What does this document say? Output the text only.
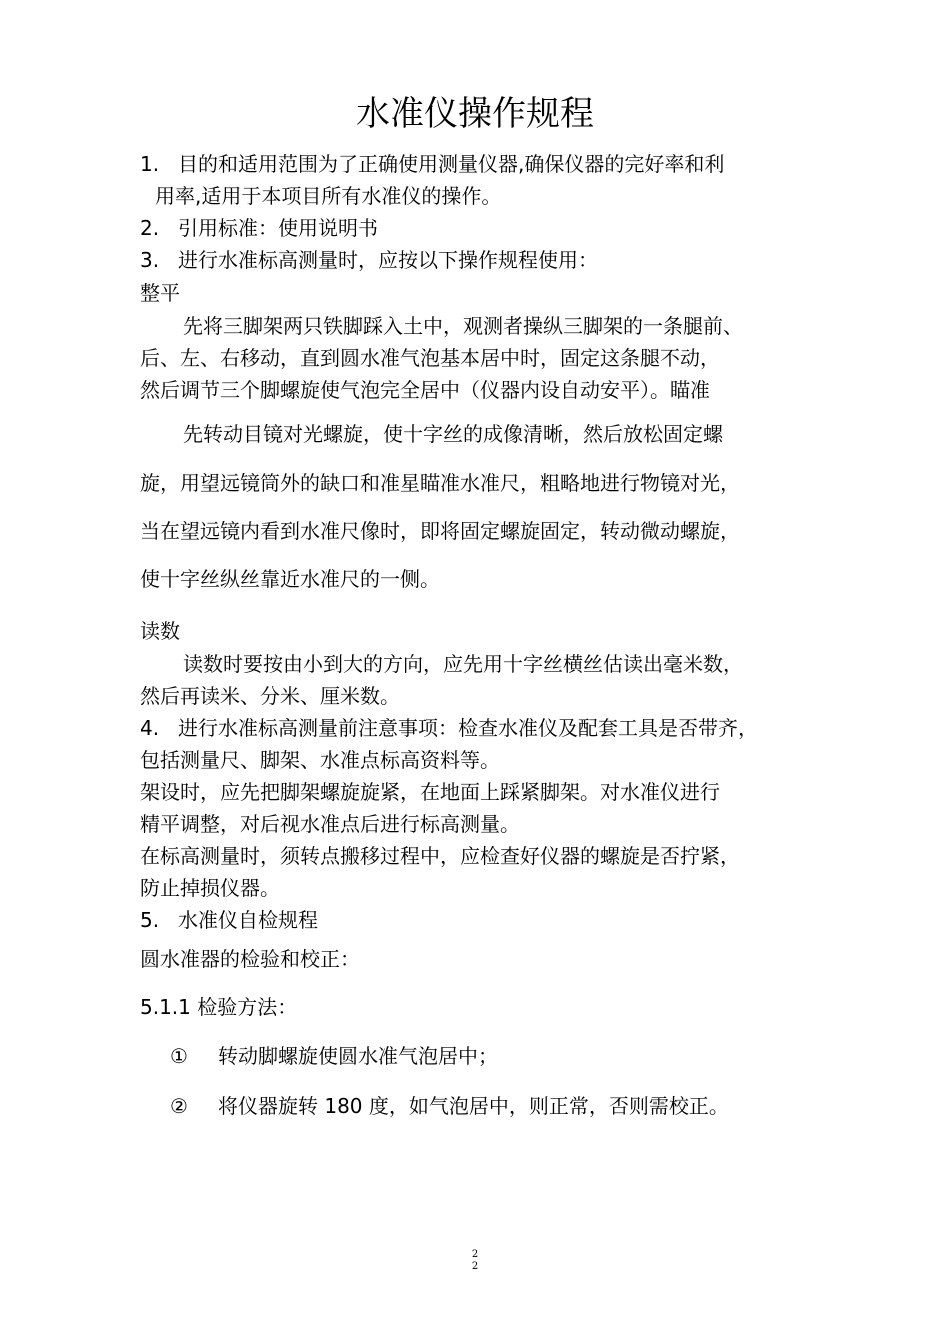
水准仪操作规程
1. 目的和适用范围为了正确使用测量仪器,确保仪器的完好率和利
用率,适用于本项目所有水准仪的操作。
2. 引用标准：使用说明书
3. 进行水准标高测量时，应按以下操作规程使用：
整平
先将三脚架两只铁脚踩入土中，观测者操纵三脚架的一条腿前、
后、左、右移动，直到圆水准气泡基本居中时，固定这条腿不动，
然后调节三个脚螺旋使气泡完全居中（仪器内设自动安平）。瞄准
先转动目镜对光螺旋，使十字丝的成像清晰，然后放松固定螺
旋，用望远镜筒外的缺口和准星瞄准水准尺，粗略地进行物镜对光，
当在望远镜内看到水准尺像时，即将固定螺旋固定，转动微动螺旋，
使十字丝纵丝靠近水准尺的一侧。
读数
读数时要按由小到大的方向，应先用十字丝横丝估读出毫米数，
然后再读米、分米、厘米数。
4. 进行水准标高测量前注意事项：检查水准仪及配套工具是否带齐，
包括测量尺、脚架、水准点标高资料等。
架设时，应先把脚架螺旋旋紧，在地面上踩紧脚架。对水准仪进行
精平调整，对后视水准点后进行标高测量。
在标高测量时，须转点搬移过程中，应检查好仪器的螺旋是否拧紧，
防止掉损仪器。
5. 水准仪自检规程
圆水准器的检验和校正：
5.1.1 检验方法：
① 转动脚螺旋使圆水准气泡居中；
② 将仪器旋转 180 度，如气泡居中，则正常，否则需校正。
2
2
